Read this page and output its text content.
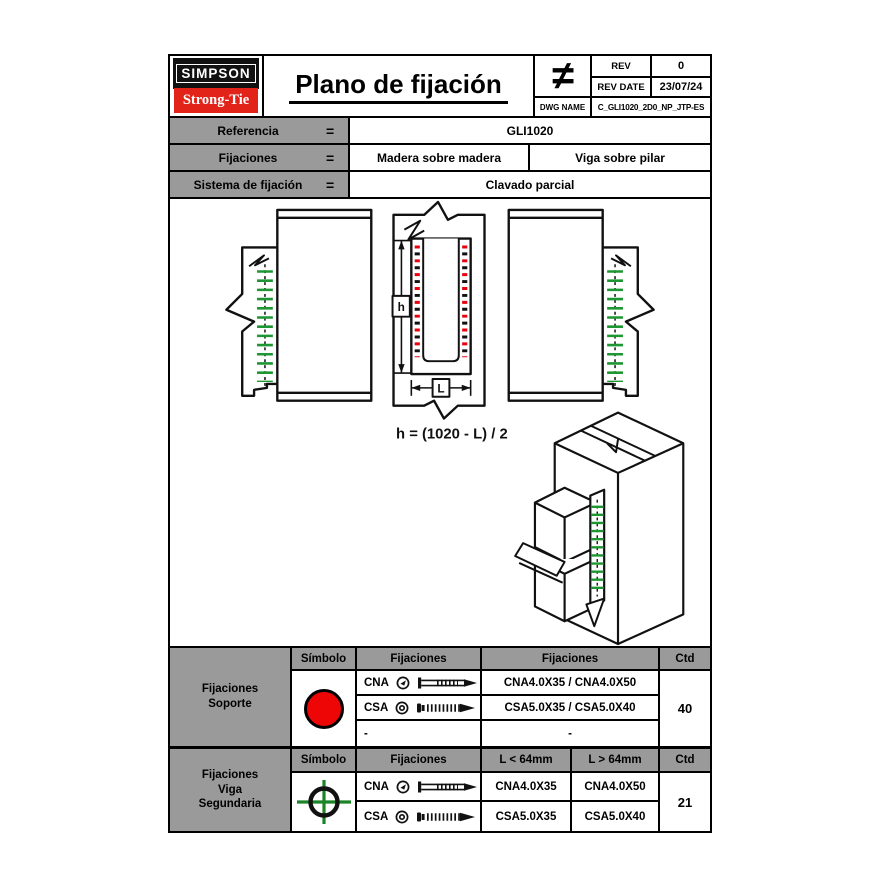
SIMPSON
Strong-Tie
Plano de fijación	≠	REV	0
REV DATE	23/07/24
DWG NAME	C_GLI1020_2D0_NP_JTP-ES
Referencia	=	GLI1020
Fijaciones	=	Madera sobre madera	Viga sobre pilar
Sistema de fijación	=	Clavado parcial
h
L
h = (1020 - L) / 2
Fijaciones
Soporte
Símbolo	Fijaciones	Fijaciones	Ctd
CNA	CNA4.0X35 / CNA4.0X50
CSA	CSA5.0X35 / CSA5.0X40
-	-
40
Fijaciones
Viga
Segundaria
Símbolo	Fijaciones	L < 64mm	L > 64mm	Ctd
CNA	CNA4.0X35	CNA4.0X50
CSA	CSA5.0X35	CSA5.0X40
21
